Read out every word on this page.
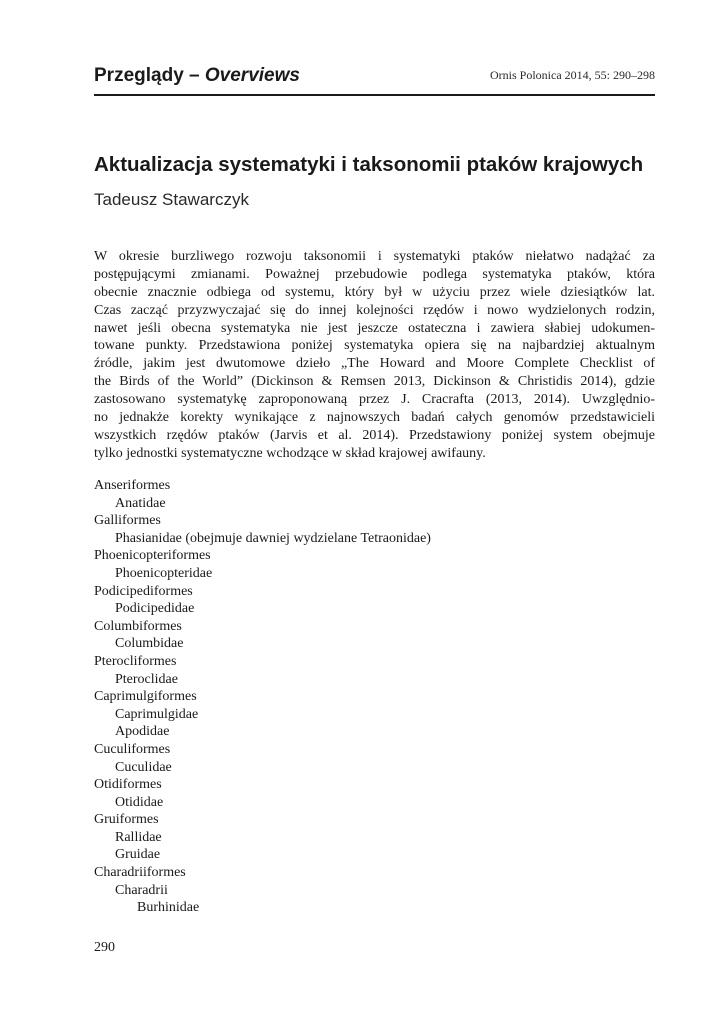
Przeglądy – Overviews	Ornis Polonica 2014, 55: 290–298
Aktualizacja systematyki i taksonomii ptaków krajowych
Tadeusz Stawarczyk

W okresie burzliwego rozwoju taksonomii i systematyki ptaków niełatwo nadążać za
postępującymi zmianami. Poważnej przebudowie podlega systematyka ptaków, która
obecnie znacznie odbiega od systemu, który był w użyciu przez wiele dziesiątków lat.
Czas zacząć przyzwyczajać się do innej kolejności rzędów i nowo wydzielonych rodzin,
nawet jeśli obecna systematyka nie jest jeszcze ostateczna i zawiera słabiej udokumen-
towane punkty. Przedstawiona poniżej systematyka opiera się na najbardziej aktualnym
źródle, jakim jest dwutomowe dzieło „The Howard and Moore Complete Checklist of
the Birds of the World” (Dickinson & Remsen 2013, Dickinson & Christidis 2014), gdzie
zastosowano systematykę zaproponowaną przez J. Cracrafta (2013, 2014). Uwzględnio-
no jednakże korekty wynikające z najnowszych badań całych genomów przedstawicieli
wszystkich rzędów ptaków (Jarvis et al. 2014). Przedstawiony poniżej system obejmuje
tylko jednostki systematyczne wchodzące w skład krajowej awifauny.

Anseriformes
Anatidae
Galliformes
Phasianidae (obejmuje dawniej wydzielane Tetraonidae)
Phoenicopteriformes
Phoenicopteridae
Podicipediformes
Podicipedidae
Columbiformes
Columbidae
Pterocliformes
Pteroclidae
Caprimulgiformes
Caprimulgidae
Apodidae
Cuculiformes
Cuculidae
Otidiformes
Otididae
Gruiformes
Rallidae
Gruidae
Charadriiformes
Charadrii
Burhinidae
290
